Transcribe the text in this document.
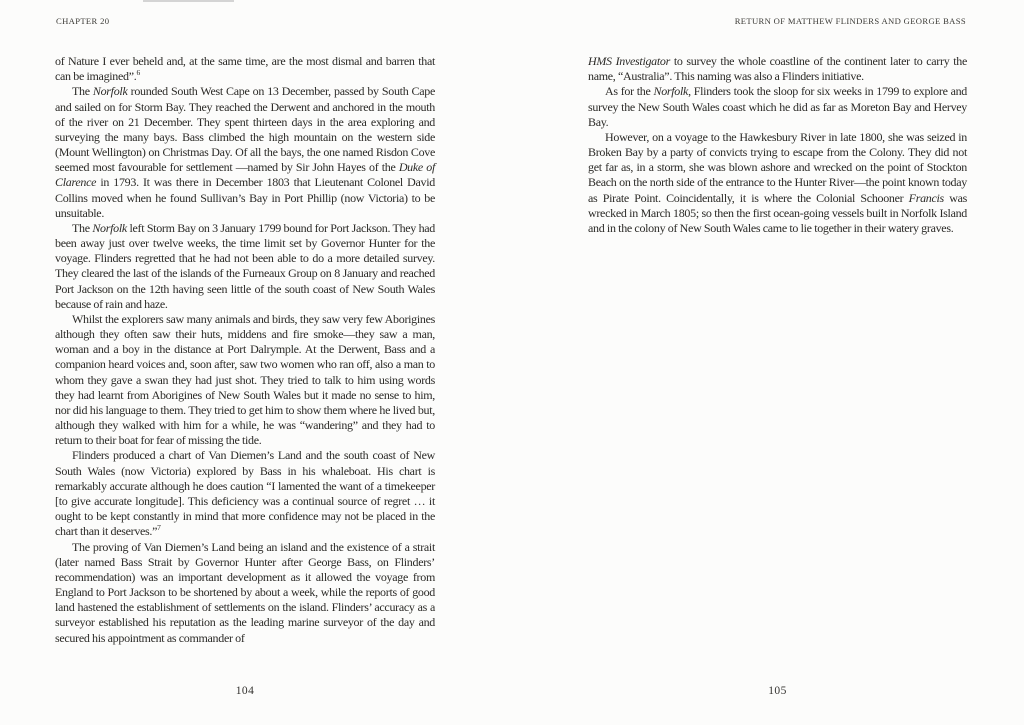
CHAPTER 20	RETURN OF MATTHEW FLINDERS AND GEORGE BASS

of Nature I ever beheld and, at the same time, are the most dismal and barren that can be imagined”.$^6$

The Norfolk rounded South West Cape on 13 December, passed by South Cape and sailed on for Storm Bay. They reached the Derwent and anchored in the mouth of the river on 21 December. They spent thirteen days in the area exploring and surveying the many bays. Bass climbed the high mountain on the western side (Mount Wellington) on Christmas Day. Of all the bays, the one named Risdon Cove seemed most favourable for settlement —named by Sir John Hayes of the Duke of Clarence in 1793. It was there in December 1803 that Lieutenant Colonel David Collins moved when he found Sullivan’s Bay in Port Phillip (now Victoria) to be unsuitable.

The Norfolk left Storm Bay on 3 January 1799 bound for Port Jackson. They had been away just over twelve weeks, the time limit set by Governor Hunter for the voyage. Flinders regretted that he had not been able to do a more detailed survey. They cleared the last of the islands of the Furneaux Group on 8 January and reached Port Jackson on the 12th having seen little of the south coast of New South Wales because of rain and haze.

Whilst the explorers saw many animals and birds, they saw very few Aborigines although they often saw their huts, middens and fire smoke—they saw a man, woman and a boy in the distance at Port Dalrymple. At the Derwent, Bass and a companion heard voices and, soon after, saw two women who ran off, also a man to whom they gave a swan they had just shot. They tried to talk to him using words they had learnt from Aborigines of New South Wales but it made no sense to him, nor did his language to them. They tried to get him to show them where he lived but, although they walked with him for a while, he was “wandering” and they had to return to their boat for fear of missing the tide.

Flinders produced a chart of Van Diemen’s Land and the south coast of New South Wales (now Victoria) explored by Bass in his whaleboat. His chart is remarkably accurate although he does caution “I lamented the want of a timekeeper [to give accurate longitude]. This deficiency was a continual source of regret … it ought to be kept constantly in mind that more confidence may not be placed in the chart than it deserves.”$^7$

The proving of Van Diemen’s Land being an island and the existence of a strait (later named Bass Strait by Governor Hunter after George Bass, on Flinders’ recommendation) was an important development as it allowed the voyage from England to Port Jackson to be shortened by about a week, while the reports of good land hastened the establishment of settlements on the island. Flinders’ accuracy as a surveyor established his reputation as the leading marine surveyor of the day and secured his appointment as commander of

104

HMS Investigator to survey the whole coastline of the continent later to carry the name, “Australia”. This naming was also a Flinders initiative.

As for the Norfolk, Flinders took the sloop for six weeks in 1799 to explore and survey the New South Wales coast which he did as far as Moreton Bay and Hervey Bay.

However, on a voyage to the Hawkesbury River in late 1800, she was seized in Broken Bay by a party of convicts trying to escape from the Colony. They did not get far as, in a storm, she was blown ashore and wrecked on the point of Stockton Beach on the north side of the entrance to the Hunter River—the point known today as Pirate Point. Coincidentally, it is where the Colonial Schooner Francis was wrecked in March 1805; so then the first ocean-going vessels built in Norfolk Island and in the colony of New South Wales came to lie together in their watery graves.

105
